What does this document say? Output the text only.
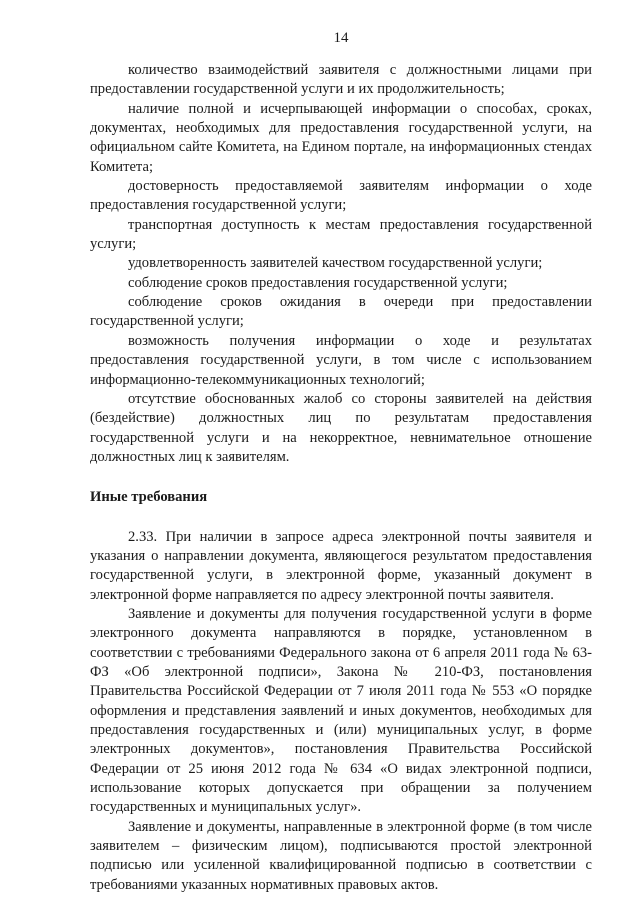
14

количество взаимодействий заявителя с должностными лицами при предоставлении государственной услуги и их продолжительность;

наличие полной и исчерпывающей информации о способах, сроках, документах, необходимых для предоставления государственной услуги, на официальном сайте Комитета, на Едином портале, на информационных стендах Комитета;

достоверность предоставляемой заявителям информации о ходе предоставления государственной услуги;

транспортная доступность к местам предоставления государственной услуги;

удовлетворенность заявителей качеством государственной услуги;

соблюдение сроков предоставления государственной услуги;

соблюдение сроков ожидания в очереди при предоставлении государственной услуги;

возможность получения информации о ходе и результатах предоставления государственной услуги, в том числе с использованием информационно-телекоммуникационных технологий;

отсутствие обоснованных жалоб со стороны заявителей на действия (бездействие) должностных лиц по результатам предоставления государственной услуги и на некорректное, невнимательное отношение должностных лиц к заявителям.

Иные требования

2.33. При наличии в запросе адреса электронной почты заявителя и указания о направлении документа, являющегося результатом предоставления государственной услуги, в электронной форме, указанный документ в электронной форме направляется по адресу электронной почты заявителя.

Заявление и документы для получения государственной услуги в форме электронного документа направляются в порядке, установленном в соответствии с требованиями Федерального закона от 6 апреля 2011 года № 63-ФЗ «Об электронной подписи», Закона № 210-ФЗ, постановления Правительства Российской Федерации от 7 июля 2011 года № 553 «О порядке оформления и представления заявлений и иных документов, необходимых для предоставления государственных и (или) муниципальных услуг, в форме электронных документов», постановления Правительства Российской Федерации от 25 июня 2012 года № 634 «О видах электронной подписи, использование которых допускается при обращении за получением государственных и муниципальных услуг».

Заявление и документы, направленные в электронной форме (в том числе заявителем – физическим лицом), подписываются простой электронной подписью или усиленной квалифицированной подписью в соответствии с требованиями указанных нормативных правовых актов.
